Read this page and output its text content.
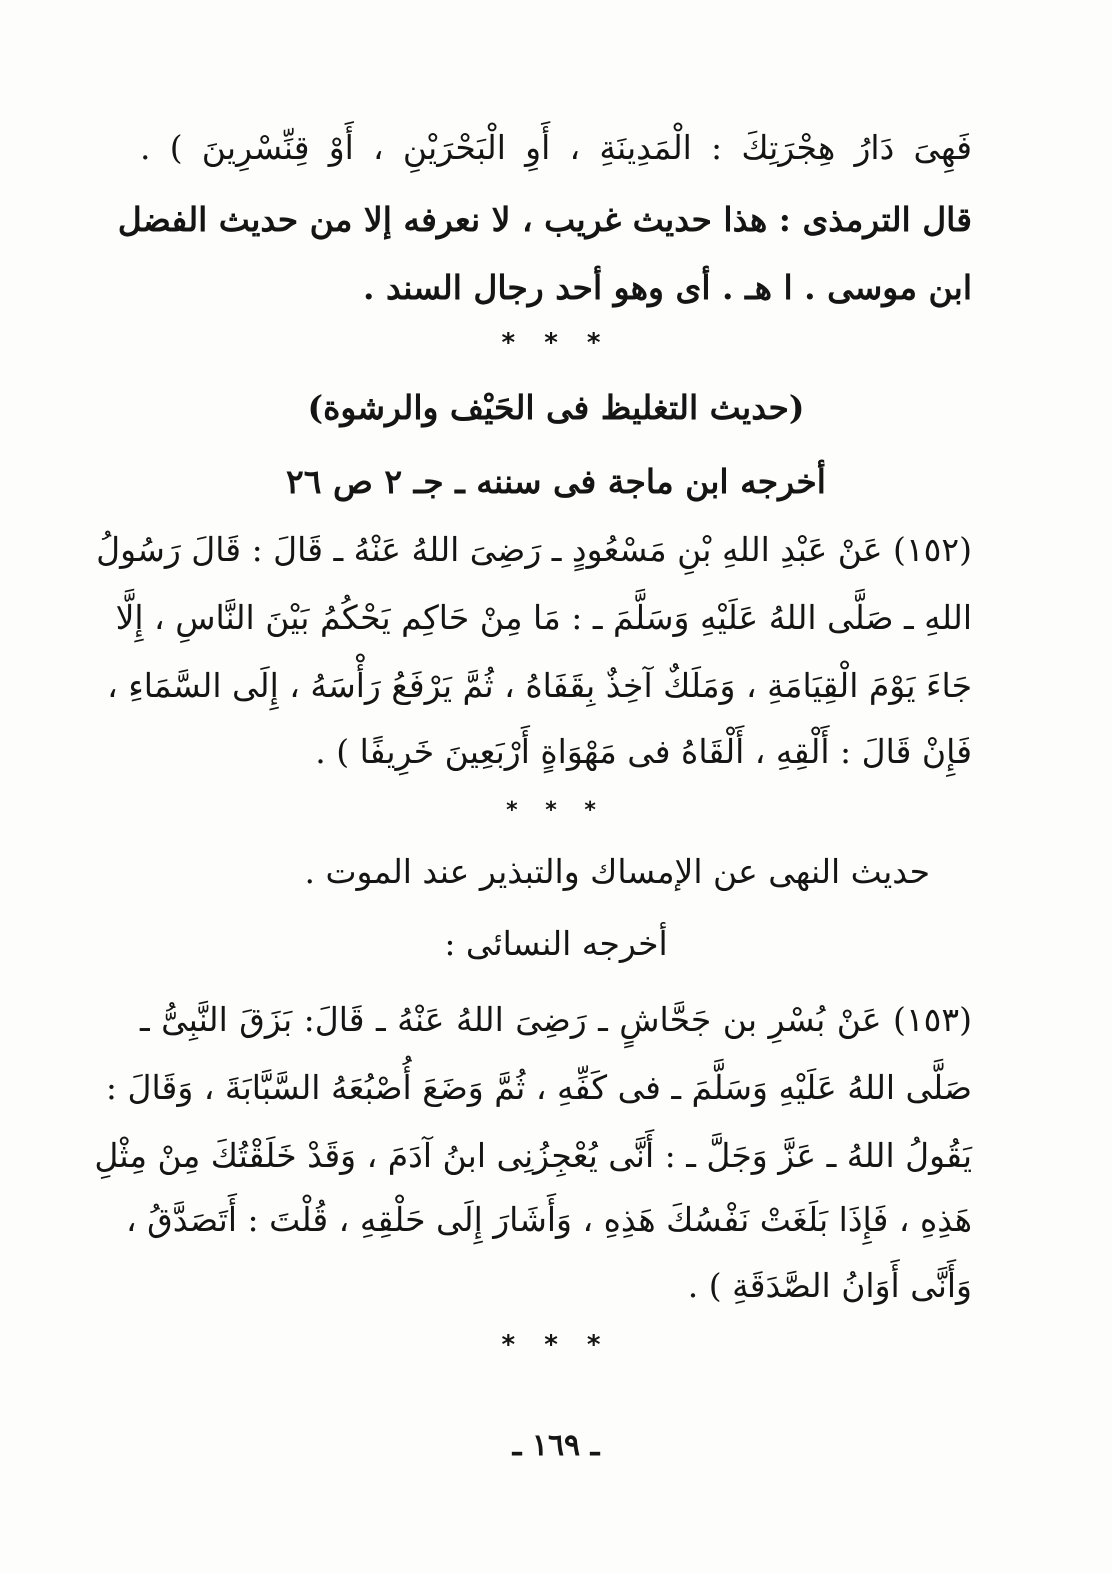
فَهِىَ دَارُ هِجْرَتِكَ : الْمَدِينَةِ ، أَوِ الْبَحْرَيْنِ ، أَوْ قِنِّسْرِينَ ) .
قال الترمذى : هذا حديث غريب ، لا نعرفه إلا من حديث الفضل
ابن موسى . ا هـ . أى وهو أحد رجال السند .
* * *
(حديث التغليظ فى الحَيْف والرشوة)
أخرجه ابن ماجة فى سننه ـ جـ ٢ ص ٢٦
(١٥٢) عَنْ عَبْدِ اللهِ بْنِ مَسْعُودٍ ـ رَضِىَ اللهُ عَنْهُ ـ قَالَ : قَالَ رَسُولُ
اللهِ ـ صَلَّى اللهُ عَلَيْهِ وَسَلَّمَ ـ : مَا مِنْ حَاكِم يَحْكُمُ بَيْنَ النَّاسِ ، إِلَّا
جَاءَ يَوْمَ الْقِيَامَةِ ، وَمَلَكٌ آخِذٌ بِقَفَاهُ ، ثُمَّ يَرْفَعُ رَأْسَهُ ، إِلَى السَّمَاءِ ،
فَإِنْ قَالَ : أَلْقِهِ ، أَلْقَاهُ فى مَهْوَاةٍ أَرْبَعِينَ خَرِيفًا ) .
* * *
حديث النهى عن الإمساك والتبذير عند الموت .
أخرجه النسائى :
(١٥٣) عَنْ بُسْرِ بن جَحَّاشٍ ـ رَضِىَ اللهُ عَنْهُ ـ قَالَ: بَزَقَ النَّبِىُّ ـ
صَلَّى اللهُ عَلَيْهِ وَسَلَّمَ ـ فى كَفِّهِ ، ثُمَّ وَضَعَ أُصْبُعَهُ السَّبَّابَةَ ، وَقَالَ :
يَقُولُ اللهُ ـ عَزَّ وَجَلَّ ـ : أَنَّى يُعْجِزُنِى ابنُ آدَمَ ، وَقَدْ خَلَقْتُكَ مِنْ مِثْلِ
هَذِهِ ، فَإِذَا بَلَغَتْ نَفْسُكَ هَذِهِ ، وَأَشَارَ إِلَى حَلْقِهِ ، قُلْتَ : أَتَصَدَّقُ ،
وَأَنَّى أَوَانُ الصَّدَقَةِ ) .
* * *
ـ ١٦٩ ـ
